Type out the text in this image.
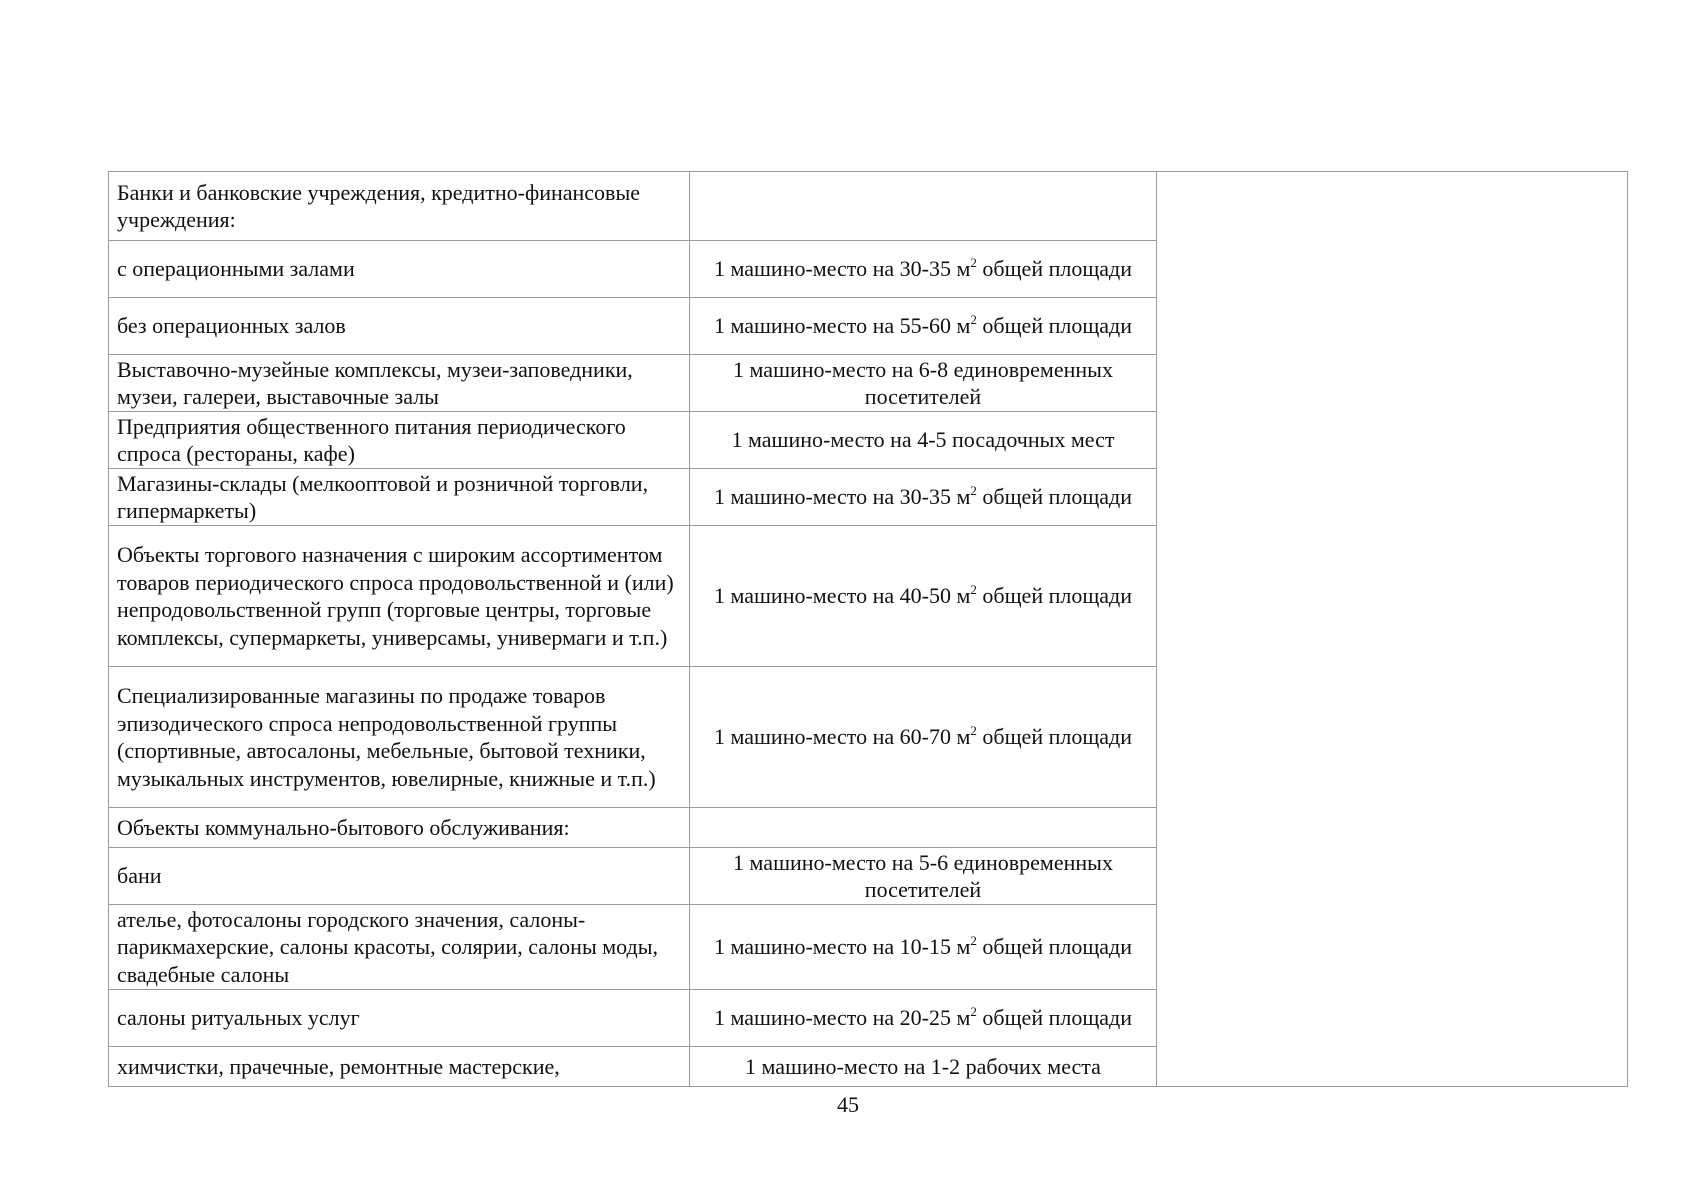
Банки и банковские учреждения, кредитно-финансовые учреждения:		
с операционными залами	1 машино-место на 30-35 $м^2$ общей площади	
без операционных залов	1 машино-место на 55-60 $м^2$ общей площади	
Выставочно-музейные комплексы, музеи-заповедники, музеи, галереи, выставочные залы	1 машино-место на 6-8 единовременных посетителей	
Предприятия общественного питания периодического спроса (рестораны, кафе)	1 машино-место на 4-5 посадочных мест	
Магазины-склады (мелкооптовой и розничной торговли, гипермаркеты)	1 машино-место на 30-35 $м^2$ общей площади	
Объекты торгового назначения с широким ассортиментом товаров периодического спроса продовольственной и (или) непродовольственной групп (торговые центры, торговые комплексы, супермаркеты, универсамы, универмаги и т.п.)	1 машино-место на 40-50 $м^2$ общей площади	
Специализированные магазины по продаже товаров эпизодического спроса непродовольственной группы (спортивные, автосалоны, мебельные, бытовой техники, музыкальных инструментов, ювелирные, книжные и т.п.)	1 машино-место на 60-70 $м^2$ общей площади	
Объекты коммунально-бытового обслуживания:		
бани	1 машино-место на 5-6 единовременных посетителей	
ателье, фотосалоны городского значения, салоны-парикмахерские, салоны красоты, солярии, салоны моды, свадебные салоны	1 машино-место на 10-15 $м^2$ общей площади	
салоны ритуальных услуг	1 машино-место на 20-25 $м^2$ общей площади	
химчистки, прачечные, ремонтные мастерские,	1 машино-место на 1-2 рабочих места	
45
